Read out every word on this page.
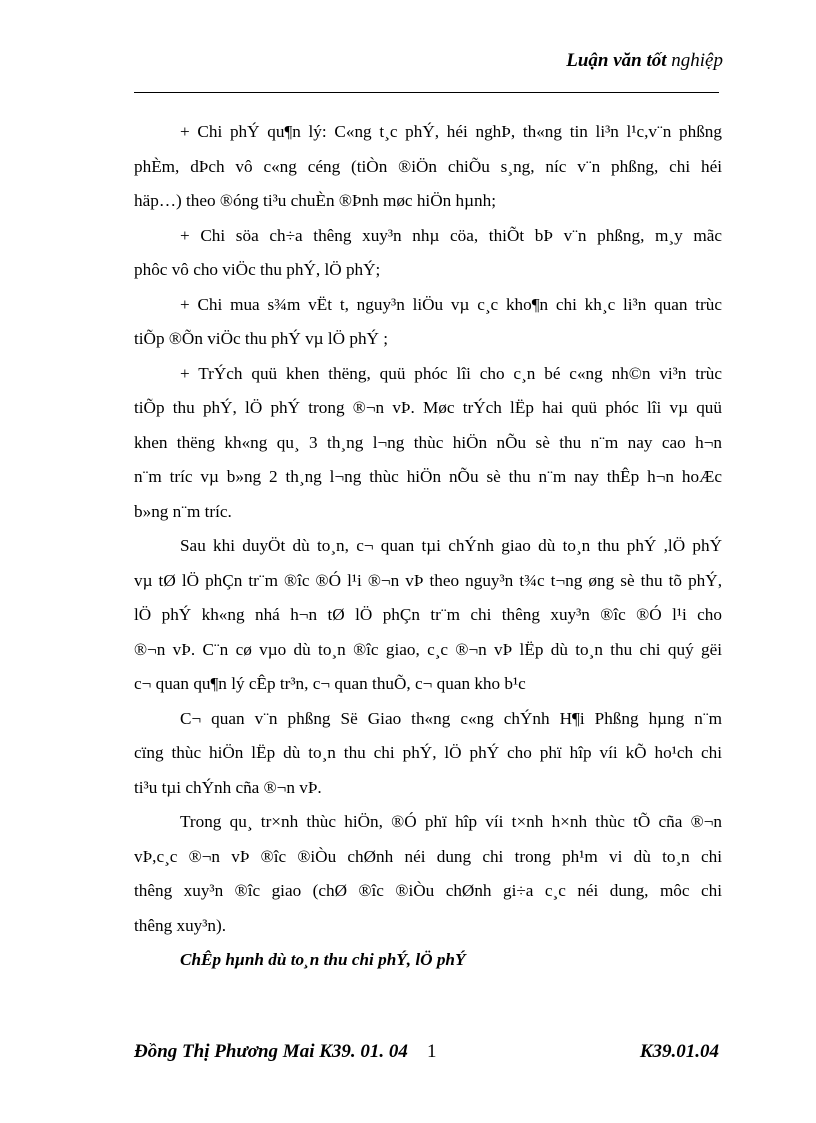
Luận văn tốt nghiệp
+ Chi phÝ qu¶n lý: C«ng t¸c phÝ, héi nghÞ, th«ng tin li³n l¹c,v¨n phßng
phÈm, dÞch vô c«ng céng (tiÒn ®iÖn chiÕu s¸ng, níc v¨n phßng, chi héi
häp…) theo ®óng ti³u chuÈn ®Þnh møc hiÖn hµnh;
+ Chi söa ch÷a thêng xuy³n nhµ cöa, thiÕt bÞ v¨n phßng, m¸y mãc
phôc vô cho viÖc thu phÝ, lÖ phÝ;
+ Chi mua s¾m vËt t, nguy³n liÖu vµ c¸c kho¶n chi kh¸c li³n quan trùc
tiÕp ®Õn viÖc thu phÝ vµ lÖ phÝ ;
+ TrÝch quü khen thëng, quü phóc lîi cho c¸n bé c«ng nh©n vi³n trùc
tiÕp thu phÝ, lÖ phÝ trong ®¬n vÞ. Møc trÝch lËp hai quü phóc lîi vµ quü
khen thëng kh«ng qu¸ 3 th¸ng l¬ng thùc hiÖn nÕu sè thu n¨m nay cao h¬n
n¨m tríc vµ b»ng 2 th¸ng l¬ng thùc hiÖn nÕu sè thu n¨m nay thÊp h¬n hoÆc
b»ng n¨m tríc.
Sau khi duyÖt dù to¸n, c¬ quan tµi chÝnh giao dù to¸n thu phÝ ,lÖ phÝ
vµ tØ lÖ phÇn tr¨m ®îc ®Ó l¹i ®¬n vÞ theo nguy³n t¾c t¬ng øng sè thu tõ phÝ,
lÖ phÝ kh«ng nhá h¬n tØ lÖ phÇn tr¨m chi thêng xuy³n ®îc ®Ó l¹i cho
®¬n vÞ. C¨n cø vµo dù to¸n ®îc giao, c¸c ®¬n vÞ lËp dù to¸n thu chi quý gëi
c¬ quan qu¶n lý cÊp tr³n, c¬ quan thuÕ, c¬ quan kho b¹c
C¬ quan v¨n phßng Së Giao th«ng c«ng chÝnh H¶i Phßng hµng n¨m
cïng thùc hiÖn lËp dù to¸n thu chi phÝ, lÖ phÝ cho phï hîp víi kÕ ho¹ch chi
ti³u tµi chÝnh cña ®¬n vÞ.
Trong qu¸ tr×nh thùc hiÖn, ®Ó phï hîp víi t×nh h×nh thùc tÕ cña ®¬n
vÞ,c¸c ®¬n vÞ ®îc ®iÒu chØnh néi dung chi trong ph¹m vi dù to¸n chi
thêng xuy³n ®îc giao (chØ ®îc ®iÒu chØnh gi÷a c¸c néi dung, môc chi
thêng xuy³n).
ChÊp hµnh dù to¸n thu chi phÝ, lÖ phÝ
Đồng Thị Phương Mai K39. 01. 04 1	K39.01.04
